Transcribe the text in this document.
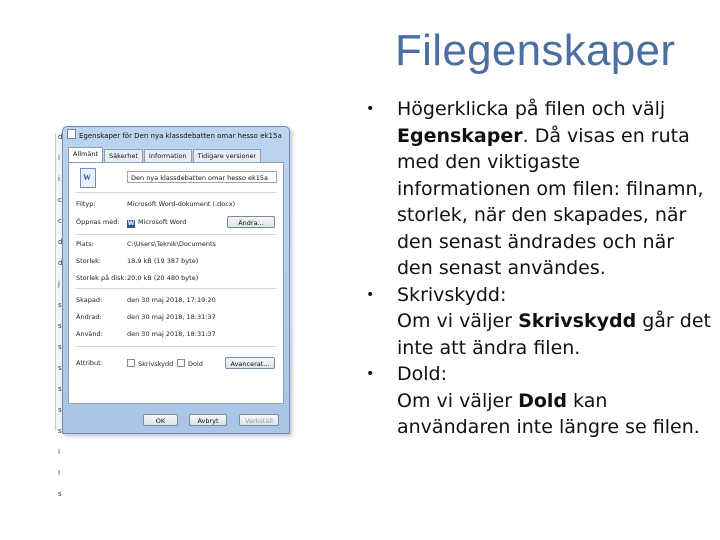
Filegenskaper
• Högerklicka på filen och välj Egenskaper. Då visas en ruta med den viktigaste informationen om filen: filnamn, storlek, när den skapades, när den senast ändrades och när den senast användes.
• Skrivskydd:
Om vi väljer Skrivskydd går det inte att ändra filen.
• Dold:
Om vi väljer Dold kan användaren inte längre se filen.
d
i
i
c
c
d
d
j
s
s
s
s
s
s
s
I
I
s
Egenskaper för Den nya klassdebatten omar hesso ek15a
Allmänt	Säkerhet	Information	Tidigare versioner
W	Den nya klassdebatten omar hesso ek15a
Filtyp:	Microsoft Word-dokument (.docx)
Öppnas med: W Microsoft Word	Ändra...
Plats:	C:\Users\Teknik\Documents
Storlek:	18,9 kB (19 387 byte)
Storlek på disk:20,0 kB (20 480 byte)
Skapad:	den 30 maj 2018, 17:19:20
Ändrad:	den 30 maj 2018, 18:31:37
Använd:	den 30 maj 2018, 18:31:37
Attribut:	Skrivskydd	Dold	Avancerat...
OK	Avbryt	Verkställ
